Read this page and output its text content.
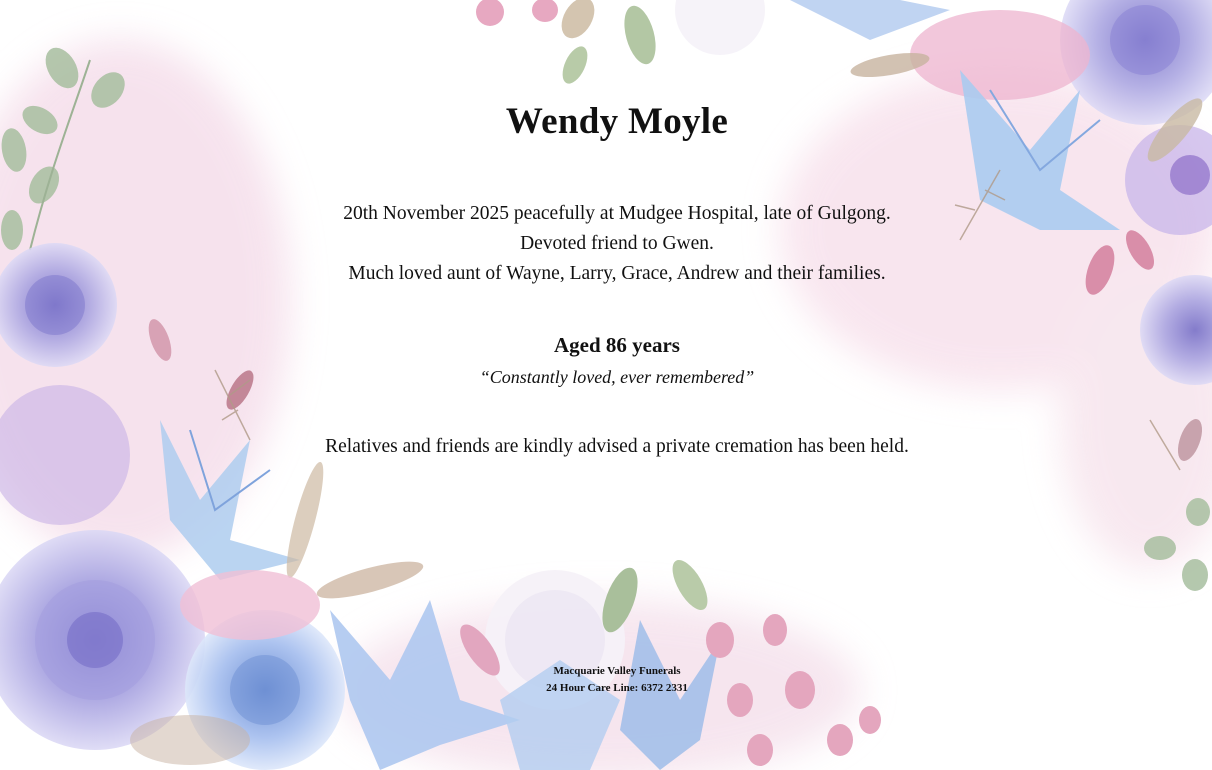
Wendy Moyle
20th November 2025 peacefully at Mudgee Hospital, late of Gulgong.
Devoted friend to Gwen.
Much loved aunt of Wayne, Larry, Grace, Andrew and their families.
Aged 86 years
“Constantly loved, ever remembered”
Relatives and friends are kindly advised a private cremation has been held.
Macquarie Valley Funerals
24 Hour Care Line: 6372 2331
